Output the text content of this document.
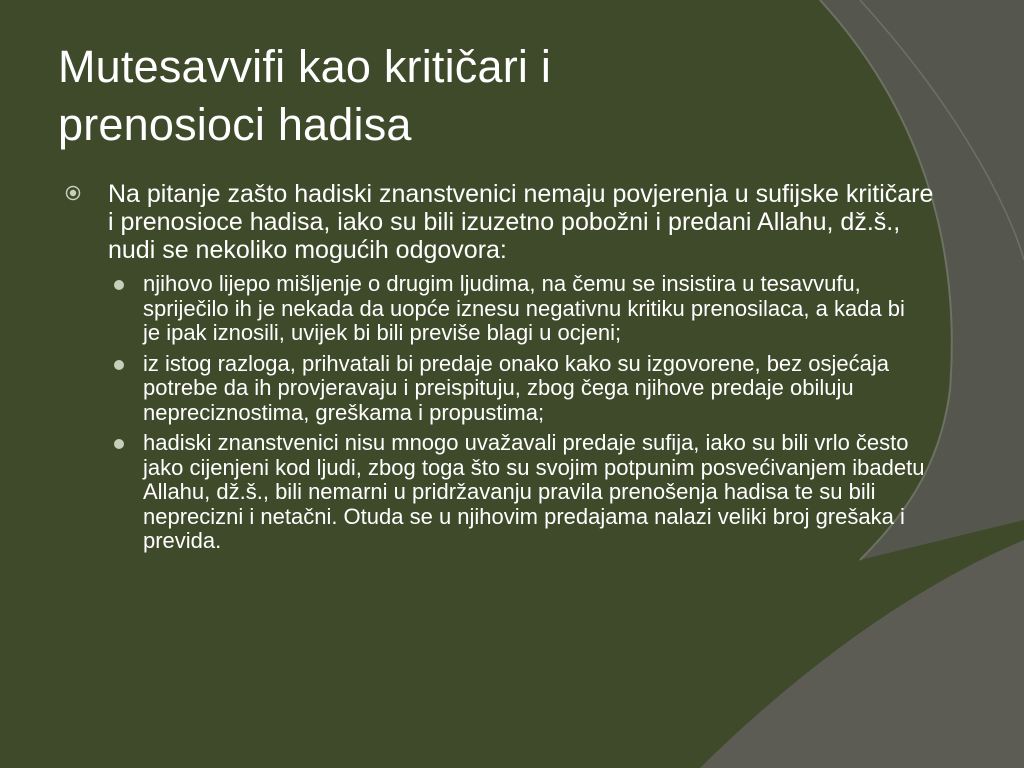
Mutesavvifi kao kritičari i
prenosioci hadisa
Na pitanje zašto hadiski znanstvenici nemaju povjerenja u sufijske kritičare i prenosioce hadisa, iako su bili izuzetno pobožni i predani Allahu, dž.š., nudi se nekoliko mogućih odgovora:
njihovo lijepo mišljenje o drugim ljudima, na čemu se insistira u tesavvufu, spriječilo ih je nekada da uopće iznesu negativnu kritiku prenosilaca, a kada bi je ipak iznosili, uvijek bi bili previše blagi u ocjeni;
iz istog razloga, prihvatali bi predaje onako kako su izgovorene, bez osjećaja potrebe da ih provjeravaju i preispituju, zbog čega njihove predaje obiluju nepreciznostima, greškama i propustima;
hadiski znanstvenici nisu mnogo uvažavali predaje sufija, iako su bili vrlo često jako cijenjeni kod ljudi, zbog toga što su svojim potpunim posvećivanjem ibadetu Allahu, dž.š., bili nemarni u pridržavanju pravila prenošenja hadisa te su bili neprecizni i netačni. Otuda se u njihovim predajama nalazi veliki broj grešaka i previda.
